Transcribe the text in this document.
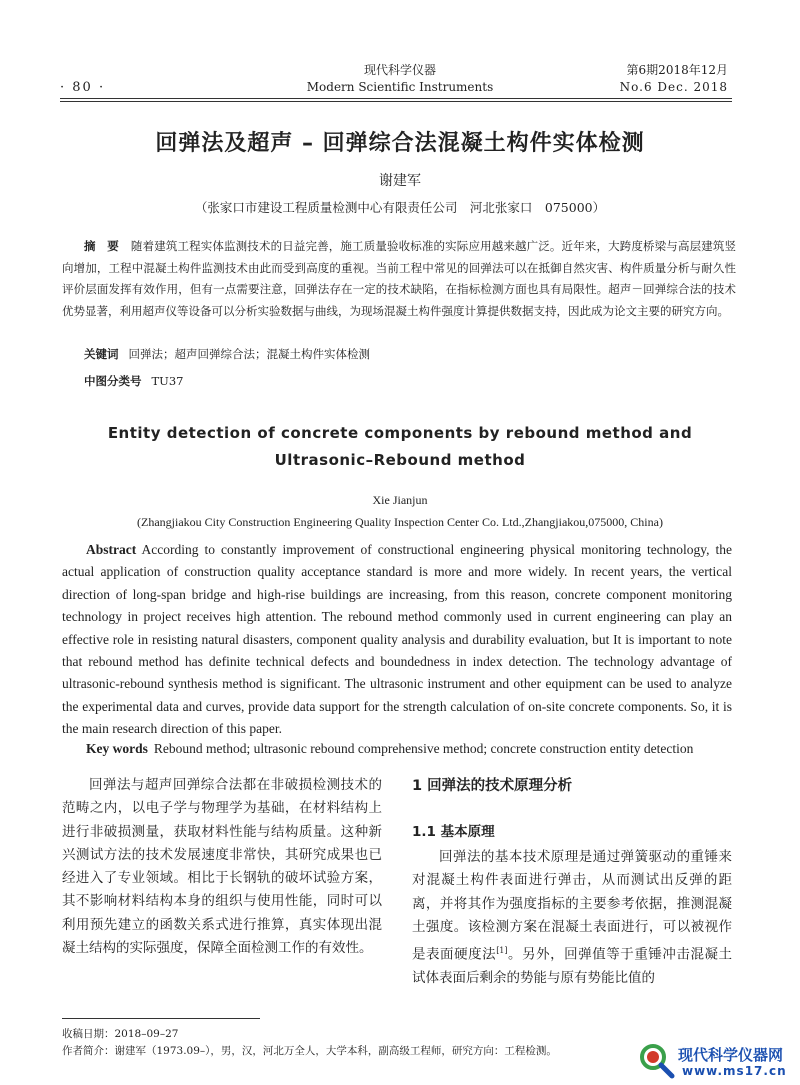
· 80 ·
现代科学仪器
Modern Scientific Instruments
第6期2018年12月
No.6 Dec. 2018
回弹法及超声 – 回弹综合法混凝土构件实体检测
谢建军
（张家口市建设工程质量检测中心有限责任公司　河北张家口　075000）

摘　要 随着建筑工程实体监测技术的日益完善，施工质量验收标准的实际应用越来越广泛。近年来，大跨度桥梁与高层建筑竖向增加，工程中混凝土构件监测技术由此而受到高度的重视。当前工程中常见的回弹法可以在抵御自然灾害、构件质量分析与耐久性评价层面发挥有效作用，但有一点需要注意，回弹法存在一定的技术缺陷，在指标检测方面也具有局限性。超声－回弹综合法的技术优势显著，利用超声仪等设备可以分析实验数据与曲线，为现场混凝土构件强度计算提供数据支持，因此成为论文主要的研究方向。

关键词 回弹法；超声回弹综合法；混凝土构件实体检测
中图分类号 TU37

Entity detection of concrete components by rebound method and Ultrasonic–Rebound method

Xie Jianjun
(Zhangjiakou City Construction Engineering Quality Inspection Center Co. Ltd.,Zhangjiakou,075000, China)

Abstract According to constantly improvement of constructional engineering physical monitoring technology, the actual application of construction quality acceptance standard is more and more widely. In recent years, the vertical direction of long-span bridge and high-rise buildings are increasing, from this reason, concrete component monitoring technology in project receives high attention. The rebound method commonly used in current engineering can play an effective role in resisting natural disasters, component quality analysis and durability evaluation, but It is important to note that rebound method has definite technical defects and boundedness in index detection. The technology advantage of ultrasonic-rebound synthesis method is significant. The ultrasonic instrument and other equipment can be used to analyze the experimental data and curves, provide data support for the strength calculation of on-site concrete components. So, it is the main research direction of this paper.

Key words Rebound method; ultrasonic rebound comprehensive method; concrete construction entity detection

回弹法与超声回弹综合法都在非破损检测技术的范畴之内，以电子学与物理学为基础，在材料结构上进行非破损测量，获取材料性能与结构质量。这种新兴测试方法的技术发展速度非常快，其研究成果也已经进入了专业领域。相比于长钢轨的破坏试验方案，其不影响材料结构本身的组织与使用性能，同时可以利用预先建立的函数关系式进行推算，真实体现出混凝土结构的实际强度，保障全面检测工作的有效性。

1 回弹法的技术原理分析
1.1 基本原理

回弹法的基本技术原理是通过弹簧驱动的重锤来对混凝土构件表面进行弹击，从而测试出反弹的距离，并将其作为强度指标的主要参考依据，推测混凝土强度。该检测方案在混凝土表面进行，可以被视作是表面硬度法[1]。另外，回弹值等于重锤冲击混凝土试体表面后剩余的势能与原有势能比值的

收稿日期：2018–09–27
作者简介：谢建军（1973.09–），男，汉，河北万全人，大学本科，副高级工程师，研究方向：工程检测。	现代科学仪器网
www.ms17.cn
